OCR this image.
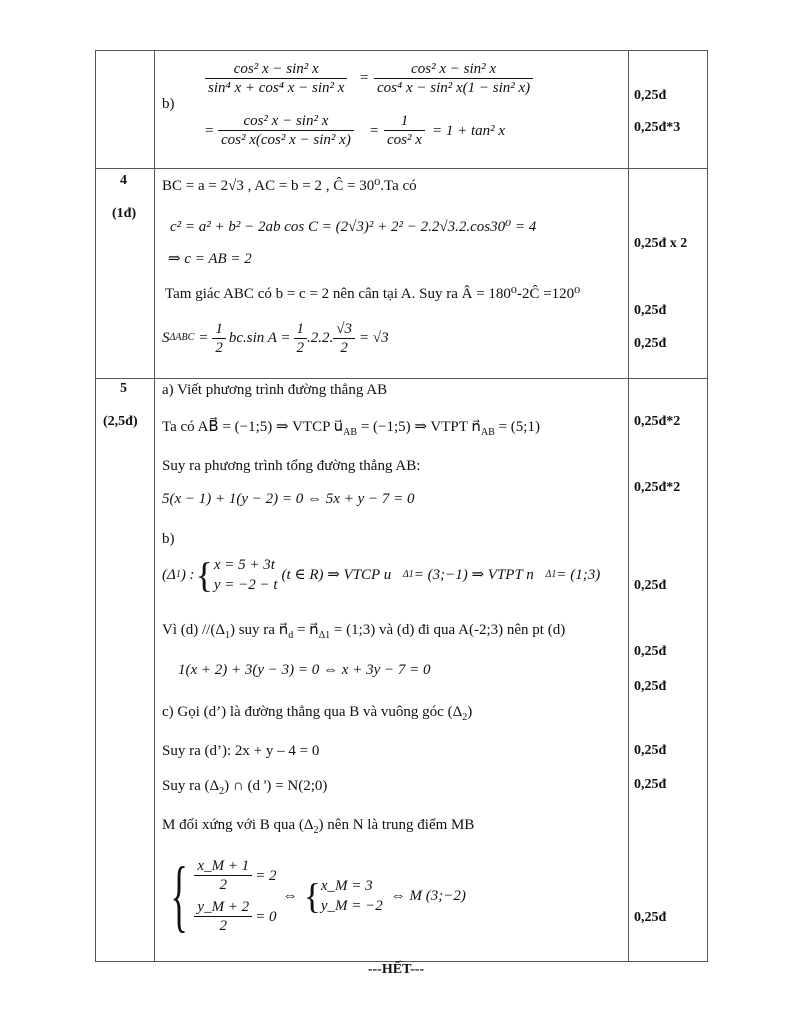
b)
$\frac{\text{cos² x − sin² x}}{\text{sin⁴ x + cos⁴ x − sin² x}} = \frac{\text{cos² x − sin² x}}{\text{cos⁴ x − sin² x(1 − sin² x)}}$
= $\frac{\text{cos² x − sin² x}}{\text{cos² x(cos² x − sin² x)}} = \frac{1}{\text{cos² x}} = 1 + \tan^2$ x
0,25đ
0,25đ*3
4
(1đ)
BC = a = 2√3 , AC = b = 2 , Ĉ = 30⁰.Ta có
c² = a² + b² − 2ab cos C = (2√3)² + 2² − 2.2√3.2.cos30⁰ = 4
⇒ c = AB = 2
Tam giác ABC có b = c = 2 nên cân tại A. Suy ra Â = 180⁰-2Ĉ =120⁰
S $\Delta ABC = \frac{1}{2} bc.\sin$ $A = \frac{1}{2} .2.2$. $\frac{√3}{2} = √3$
0,25đ x 2
0,25đ
0,25đ
5
(2,5đ)
a) Viết phương trình đường thẳng AB
Ta có AB⃗ = (−1;5) ⇒ VTCP $u⃗_{AB}$ = (−1;5) ⇒ VTPT $n⃗_{AB}$ = (5;1)
Suy ra phương trình tổng đường thẳng AB:
5(x − 1) + 1(y − 2) = 0 ⇔ 5x + y − 7 = 0
b)
(Δ 1 ) : { x = 5 + 3t
y = −2 − t
(t ∈ R) ⇒ VTCP u⃗ Δ1 = (3;−1) ⇒ VTPT n⃗ Δ1 = (1;3)
Vì (d) $//(\Delta_1)$ suy ra $n⃗_d$ = $n⃗_{\Delta 1}$ = (1;3) và (d) đi qua A(-2;3) nên pt (d)
1(x + 2) + 3(y − 3) = 0 ⇔ x + 3y − 7 = 0
c) Gọi (d’) là đường thẳng qua B và vuông góc $(\Delta_2)$
Suy ra (d’): 2x + y – 4 = 0
Suy ra $(\Delta_2)$ ∩ (d ') = N(2;0)
M đối xứng với B qua $(\Delta_2)$ nên N là trung điểm MB
{ $\frac{x\_M + 1}{2} = 2$
$\frac{y\_M + 2}{2} = 0$
⇔ { x_M = 3
y_M = −2
⇔ M (3;−2)
0,25đ*2
0,25đ*2
0,25đ
0,25đ
0,25đ
0,25đ
0,25đ
0,25đ
---HẾT---
